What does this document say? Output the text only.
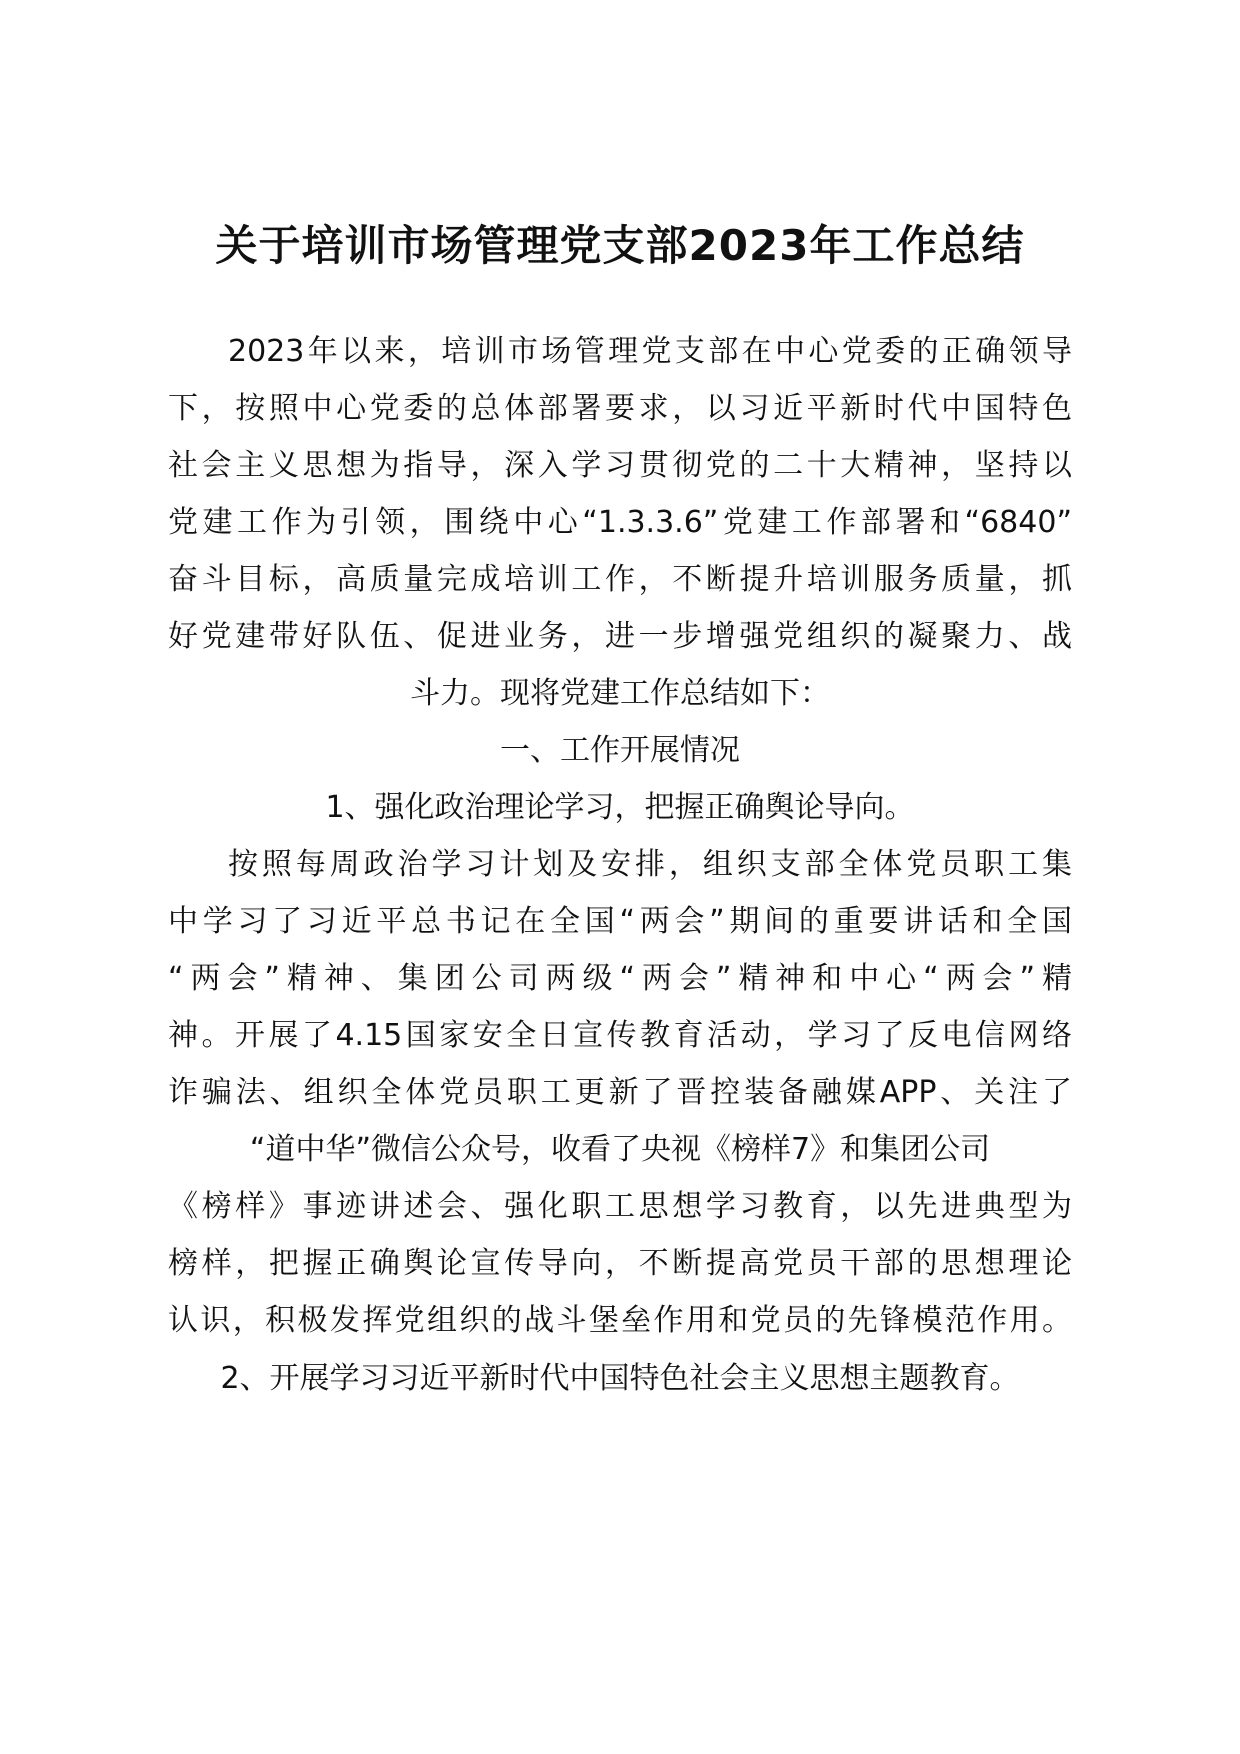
关于培训市场管理党支部2023年工作总结
2023年以来，培训市场管理党支部在中心党委的正确领导
下，按照中心党委的总体部署要求，以习近平新时代中国特色
社会主义思想为指导，深入学习贯彻党的二十大精神，坚持以
党建工作为引领，围绕中心“1.3.3.6”党建工作部署和“6840”
奋斗目标，高质量完成培训工作，不断提升培训服务质量，抓
好党建带好队伍、促进业务，进一步增强党组织的凝聚力、战
斗力。现将党建工作总结如下：
一、工作开展情况
1、强化政治理论学习，把握正确舆论导向。
按照每周政治学习计划及安排，组织支部全体党员职工集
中学习了习近平总书记在全国“两会”期间的重要讲话和全国
“两会”精神、集团公司两级“两会”精神和中心“两会”精
神。开展了4.15国家安全日宣传教育活动，学习了反电信网络
诈骗法、组织全体党员职工更新了晋控装备融媒APP、关注了
“道中华”微信公众号，收看了央视《榜样7》和集团公司
《榜样》事迹讲述会、强化职工思想学习教育，以先进典型为
榜样，把握正确舆论宣传导向，不断提高党员干部的思想理论
认识，积极发挥党组织的战斗堡垒作用和党员的先锋模范作用。
2、开展学习习近平新时代中国特色社会主义思想主题教育。
